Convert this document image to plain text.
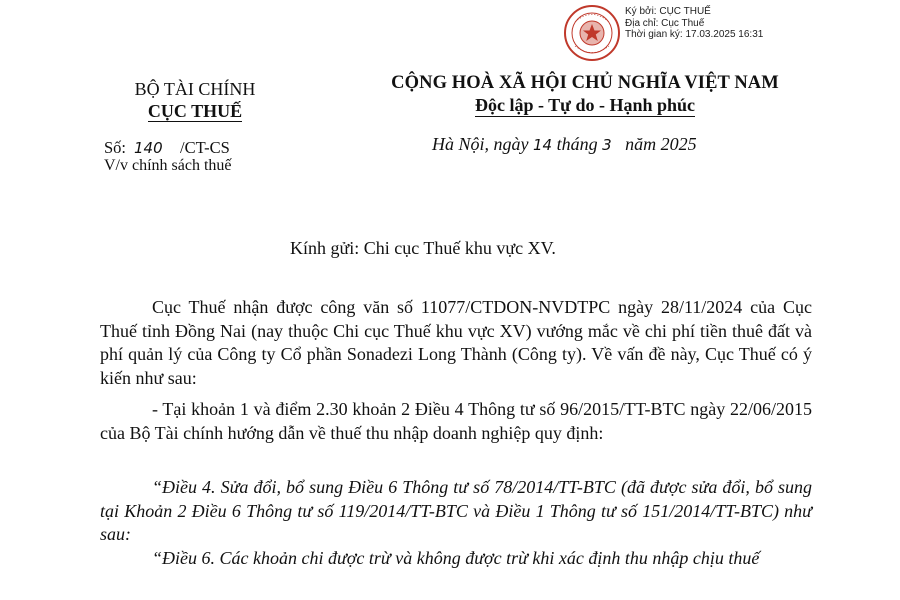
Ký bởi: CỤC THUẾ
Địa chỉ: Cục Thuế
Thời gian ký: 17.03.2025 16:31
BỘ TÀI CHÍNH
CỤC THUẾ
Số: 140 /CT-CS
V/v chính sách thuế
CỘNG HOÀ XÃ HỘI CHỦ NGHĨA VIỆT NAM
Độc lập - Tự do - Hạnh phúc
Hà Nội, ngày 14 tháng 3 năm 2025
Kính gửi: Chi cục Thuế khu vực XV.
Cục Thuế nhận được công văn số 11077/CTDON-NVDTPC ngày 28/11/2024 của Cục Thuế tỉnh Đồng Nai (nay thuộc Chi cục Thuế khu vực XV) vướng mắc về chi phí tiền thuê đất và phí quản lý của Công ty Cổ phần Sonadezi Long Thành (Công ty). Về vấn đề này, Cục Thuế có ý kiến như sau:
- Tại khoản 1 và điểm 2.30 khoản 2 Điều 4 Thông tư số 96/2015/TT-BTC ngày 22/06/2015 của Bộ Tài chính hướng dẫn về thuế thu nhập doanh nghiệp quy định:
“Điều 4. Sửa đổi, bổ sung Điều 6 Thông tư số 78/2014/TT-BTC (đã được sửa đổi, bổ sung tại Khoản 2 Điều 6 Thông tư số 119/2014/TT-BTC và Điều 1 Thông tư số 151/2014/TT-BTC) như sau:
“Điều 6. Các khoản chi được trừ và không được trừ khi xác định thu nhập chịu thuế
